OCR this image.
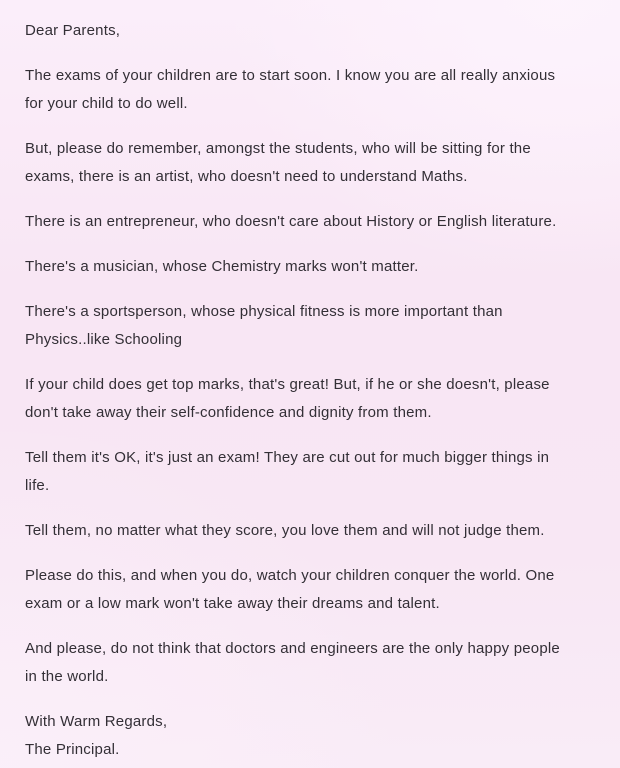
Dear Parents,
The exams of your children are to start soon. I know you are all really anxious
for your child to do well.
But, please do remember, amongst the students, who will be sitting for the
exams, there is an artist, who doesn't need to understand Maths.
There is an entrepreneur, who doesn't care about History or English literature.
There's a musician, whose Chemistry marks won't matter.
There's a sportsperson, whose physical fitness is more important than
Physics..like Schooling
If your child does get top marks, that's great! But, if he or she doesn't, please
don't take away their self-confidence and dignity from them.
Tell them it's OK, it's just an exam! They are cut out for much bigger things in
life.
Tell them, no matter what they score, you love them and will not judge them.
Please do this, and when you do, watch your children conquer the world. One
exam or a low mark won't take away their dreams and talent.
And please, do not think that doctors and engineers are the only happy people
in the world.
With Warm Regards,
The Principal.
